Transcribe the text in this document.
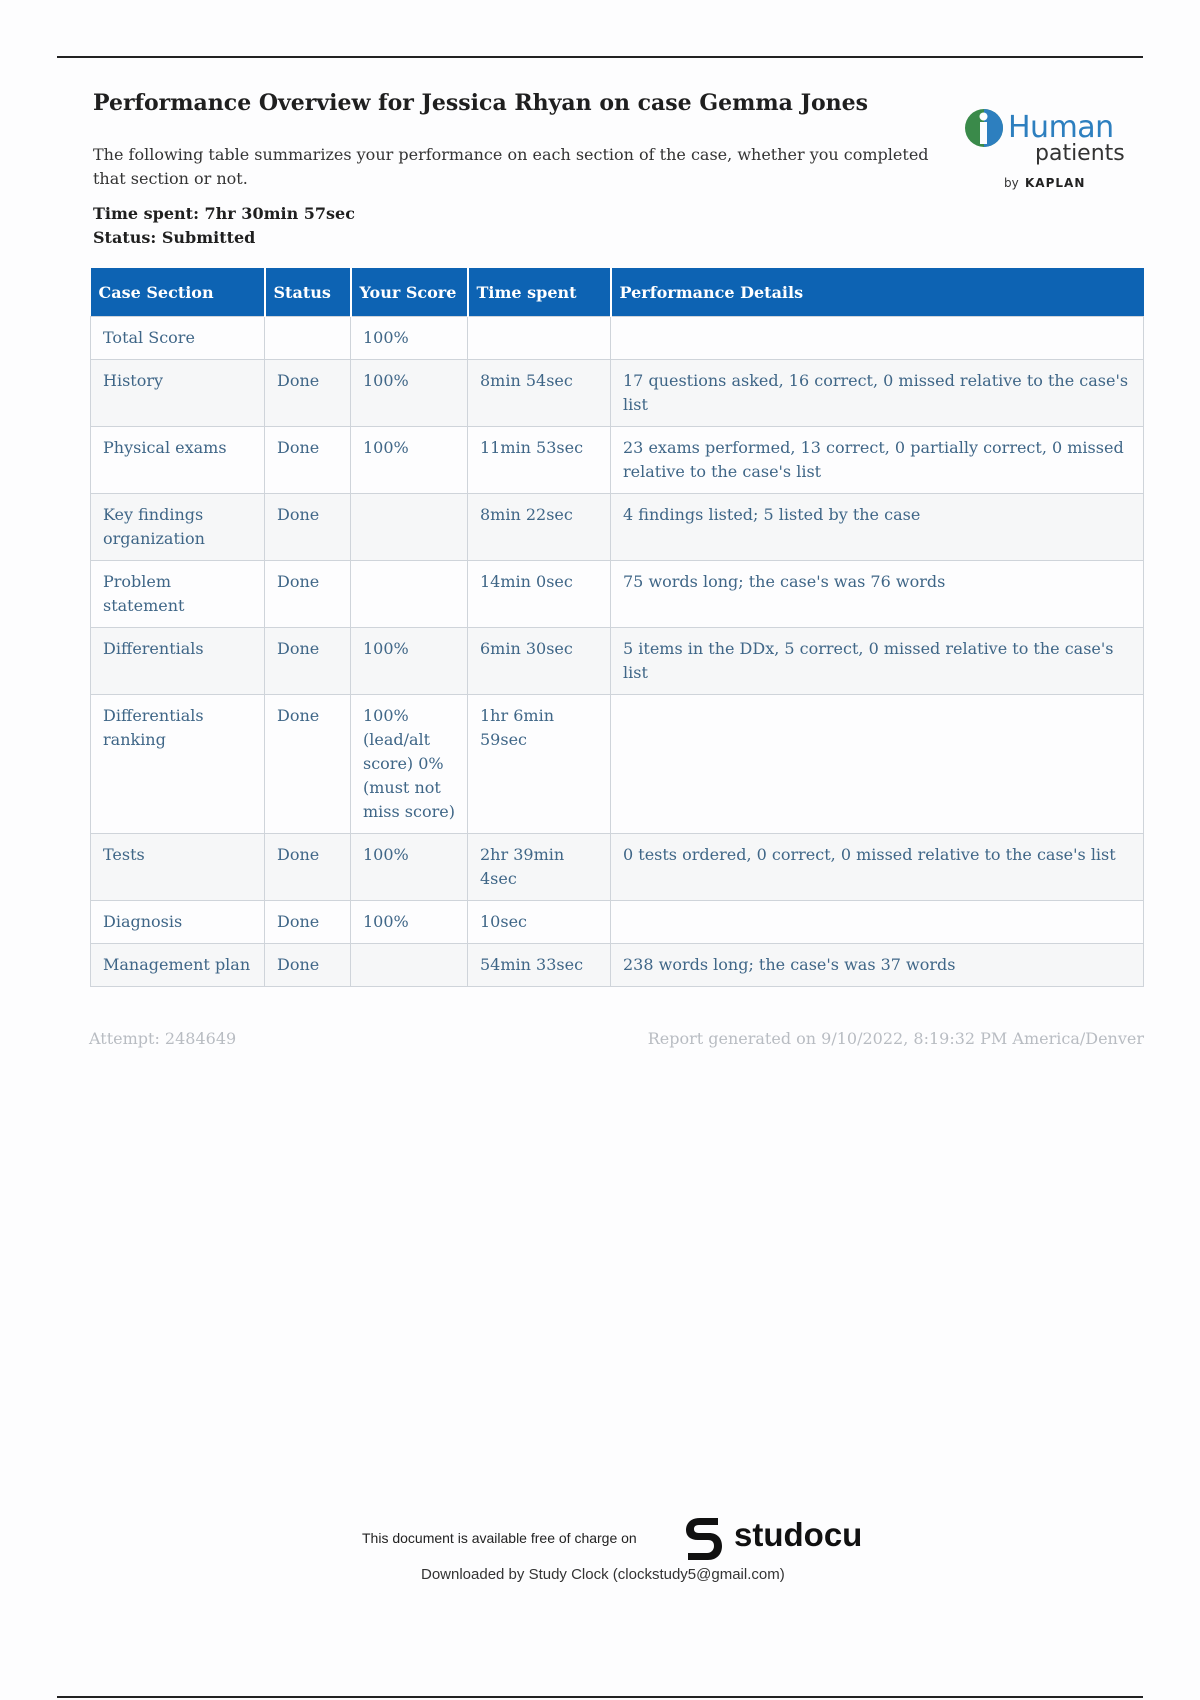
Performance Overview for Jessica Rhyan on case Gemma Jones
The following table summarizes your performance on each section of the case, whether you completed that section or not.
Time spent: 7hr 30min 57sec
Status: Submitted
Human
patients
by KAPLAN
Case Section	Status	Your Score	Time spent	Performance Details
Total Score		100%		
History	Done	100%	8min 54sec	17 questions asked, 16 correct, 0 missed relative to the case's list
Physical exams	Done	100%	11min 53sec	23 exams performed, 13 correct, 0 partially correct, 0 missed relative to the case's list
Key findings organization	Done		8min 22sec	4 findings listed; 5 listed by the case
Problem statement	Done		14min 0sec	75 words long; the case's was 76 words
Differentials	Done	100%	6min 30sec	5 items in the DDx, 5 correct, 0 missed relative to the case's list
Differentials ranking	Done	100% (lead/alt score) 0% (must not miss score)	1hr 6min 59sec	
Tests	Done	100%	2hr 39min 4sec	0 tests ordered, 0 correct, 0 missed relative to the case's list
Diagnosis	Done	100%	10sec	
Management plan	Done		54min 33sec	238 words long; the case's was 37 words
Attempt: 2484649	Report generated on 9/10/2022, 8:19:32 PM America/Denver
This document is available free of charge on	studocu
Downloaded by Study Clock (clockstudy5@gmail.com)
